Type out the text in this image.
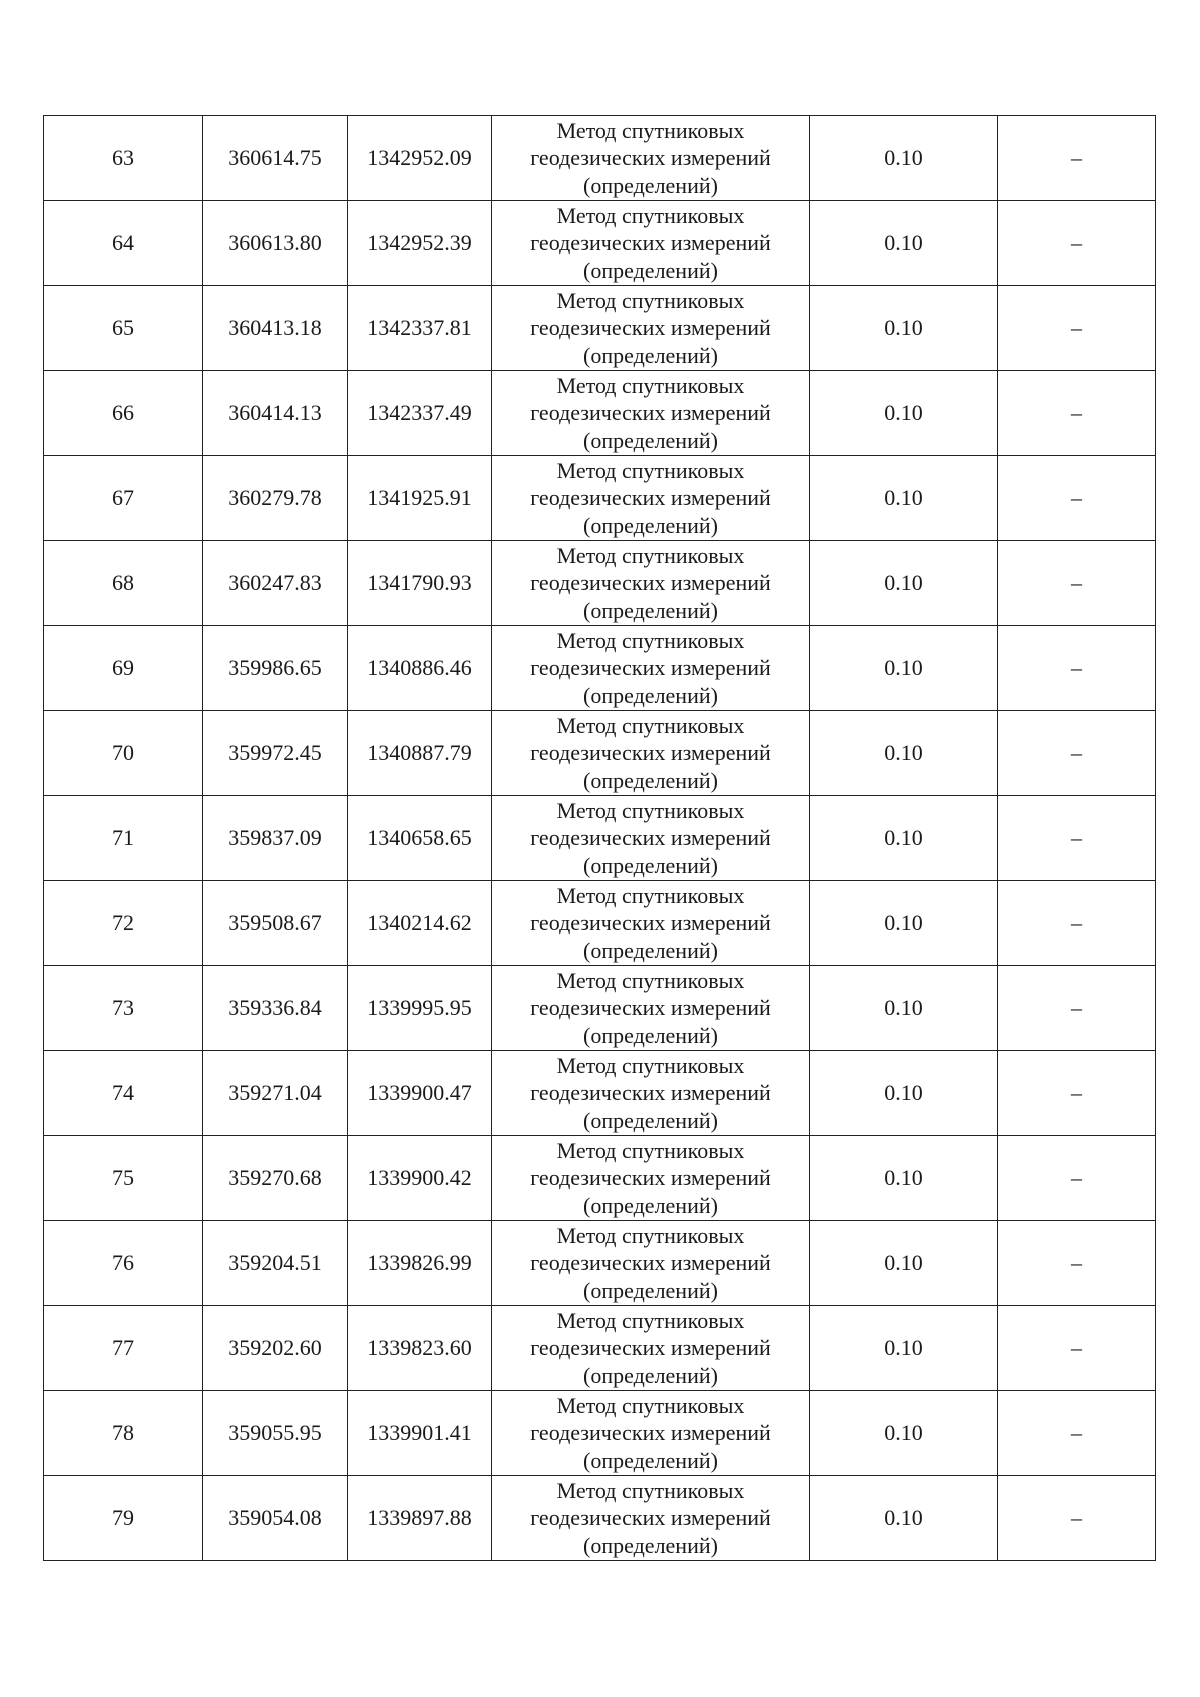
63	360614.75	1342952.09	Метод спутниковых
геодезических измерений
(определений)	0.10	–
64	360613.80	1342952.39	Метод спутниковых
геодезических измерений
(определений)	0.10	–
65	360413.18	1342337.81	Метод спутниковых
геодезических измерений
(определений)	0.10	–
66	360414.13	1342337.49	Метод спутниковых
геодезических измерений
(определений)	0.10	–
67	360279.78	1341925.91	Метод спутниковых
геодезических измерений
(определений)	0.10	–
68	360247.83	1341790.93	Метод спутниковых
геодезических измерений
(определений)	0.10	–
69	359986.65	1340886.46	Метод спутниковых
геодезических измерений
(определений)	0.10	–
70	359972.45	1340887.79	Метод спутниковых
геодезических измерений
(определений)	0.10	–
71	359837.09	1340658.65	Метод спутниковых
геодезических измерений
(определений)	0.10	–
72	359508.67	1340214.62	Метод спутниковых
геодезических измерений
(определений)	0.10	–
73	359336.84	1339995.95	Метод спутниковых
геодезических измерений
(определений)	0.10	–
74	359271.04	1339900.47	Метод спутниковых
геодезических измерений
(определений)	0.10	–
75	359270.68	1339900.42	Метод спутниковых
геодезических измерений
(определений)	0.10	–
76	359204.51	1339826.99	Метод спутниковых
геодезических измерений
(определений)	0.10	–
77	359202.60	1339823.60	Метод спутниковых
геодезических измерений
(определений)	0.10	–
78	359055.95	1339901.41	Метод спутниковых
геодезических измерений
(определений)	0.10	–
79	359054.08	1339897.88	Метод спутниковых
геодезических измерений
(определений)	0.10	–
